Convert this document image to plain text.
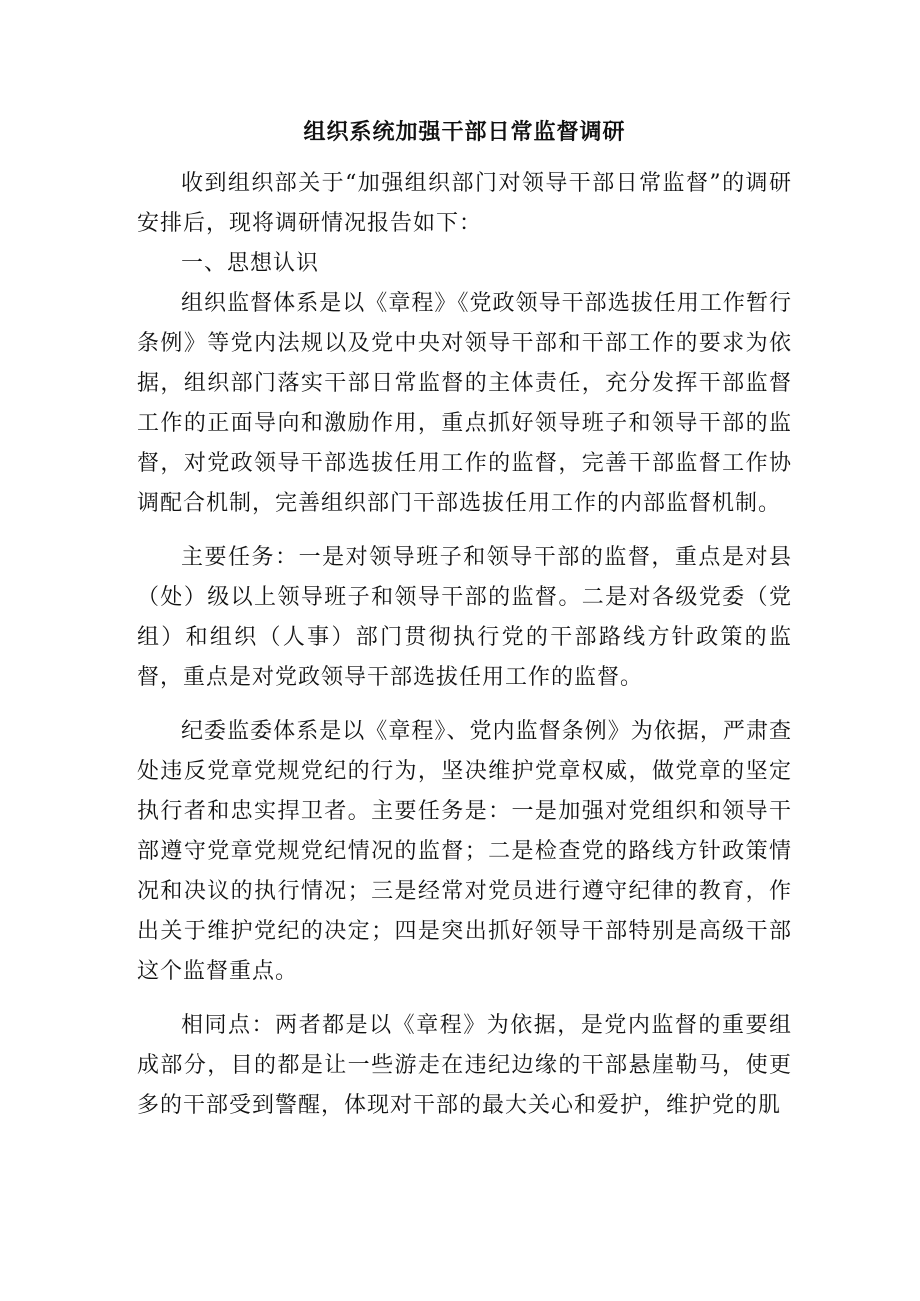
组织系统加强干部日常监督调研

收到组织部关于“加强组织部门对领导干部日常监督”的调研安排后，现将调研情况报告如下：

一、思想认识

组织监督体系是以《章程》《党政领导干部选拔任用工作暂行条例》等党内法规以及党中央对领导干部和干部工作的要求为依据，组织部门落实干部日常监督的主体责任，充分发挥干部监督工作的正面导向和激励作用，重点抓好领导班子和领导干部的监督，对党政领导干部选拔任用工作的监督，完善干部监督工作协调配合机制，完善组织部门干部选拔任用工作的内部监督机制。

主要任务：一是对领导班子和领导干部的监督，重点是对县（处）级以上领导班子和领导干部的监督。二是对各级党委（党组）和组织（人事）部门贯彻执行党的干部路线方针政策的监督，重点是对党政领导干部选拔任用工作的监督。

纪委监委体系是以《章程》、党内监督条例》为依据，严肃查处违反党章党规党纪的行为，坚决维护党章权威，做党章的坚定执行者和忠实捍卫者。主要任务是：一是加强对党组织和领导干部遵守党章党规党纪情况的监督；二是检查党的路线方针政策情况和决议的执行情况；三是经常对党员进行遵守纪律的教育，作出关于维护党纪的决定；四是突出抓好领导干部特别是高级干部这个监督重点。

相同点：两者都是以《章程》为依据，是党内监督的重要组成部分，目的都是让一些游走在违纪边缘的干部悬崖勒马，使更多的干部受到警醒，体现对干部的最大关心和爱护，维护党的肌
